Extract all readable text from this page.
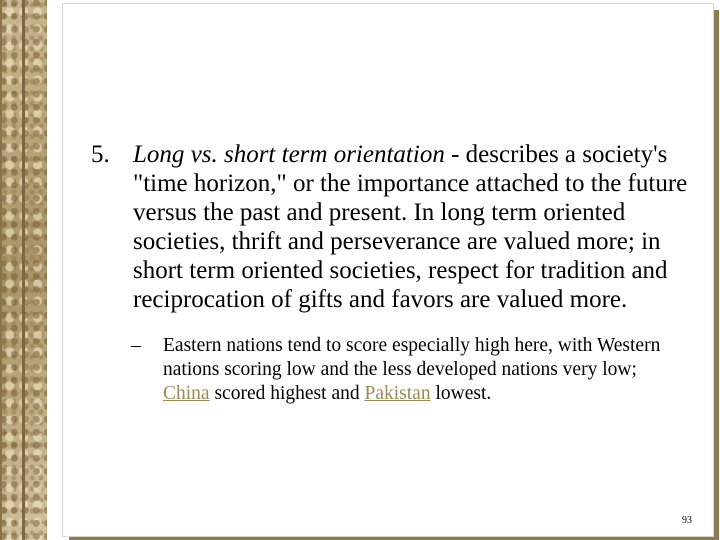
5. Long vs. short term orientation - describes a society's "time horizon," or the importance attached to the future versus the past and present. In long term oriented societies, thrift and perseverance are valued more; in short term oriented societies, respect for tradition and reciprocation of gifts and favors are valued more.
– Eastern nations tend to score especially high here, with Western nations scoring low and the less developed nations very low; China scored highest and Pakistan lowest.
93
